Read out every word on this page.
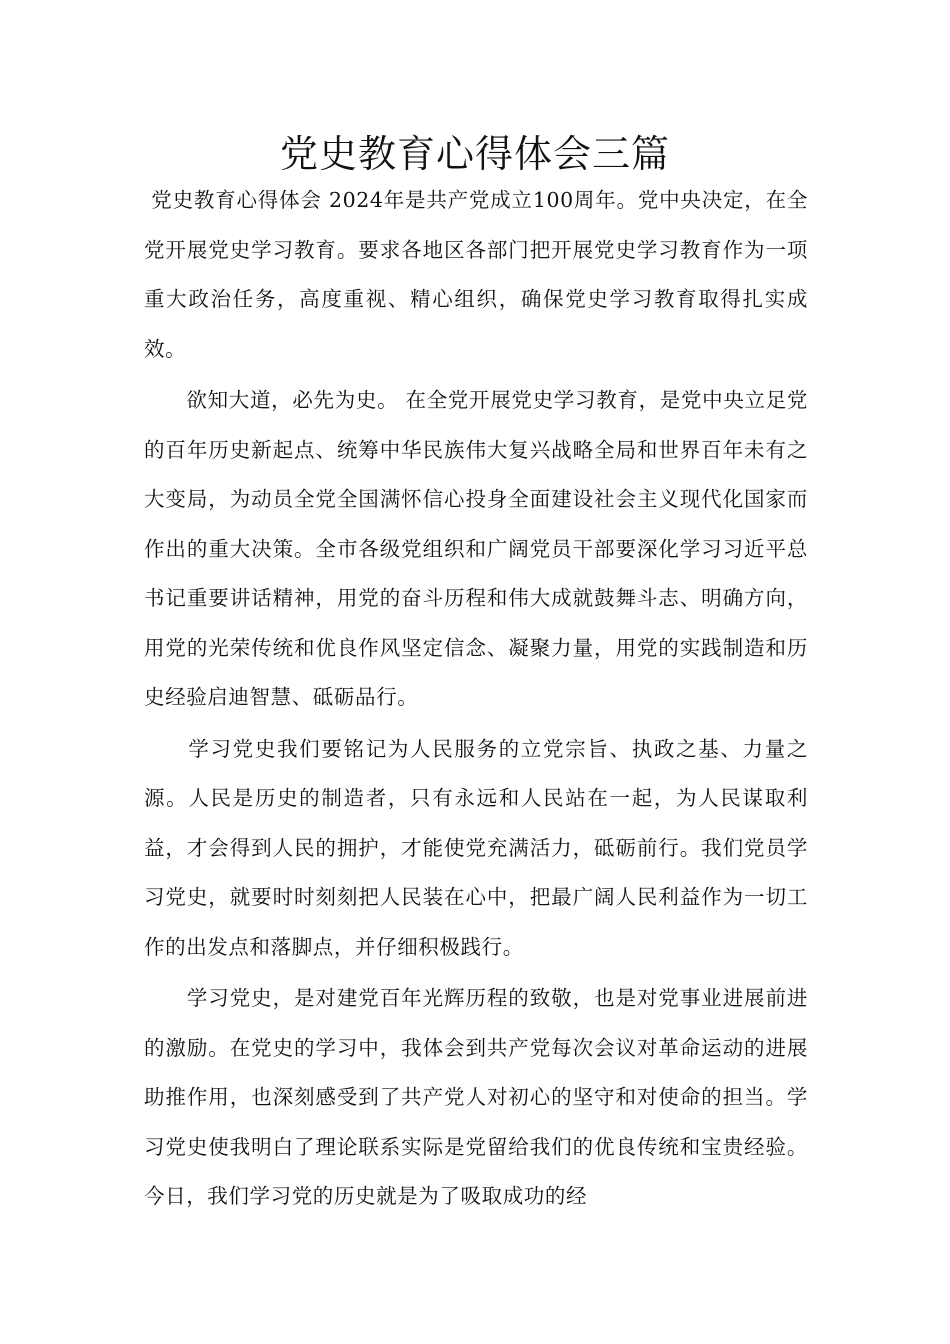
党史教育心得体会三篇

党史教育心得体会 2024年是共产党成立100周年。党中央决定，在全党开展党史学习教育。要求各地区各部门把开展党史学习教育作为一项重大政治任务，高度重视、精心组织，确保党史学习教育取得扎实成效。

　　欲知大道，必先为史。 在全党开展党史学习教育，是党中央立足党的百年历史新起点、统筹中华民族伟大复兴战略全局和世界百年未有之大变局，为动员全党全国满怀信心投身全面建设社会主义现代化国家而作出的重大决策。全市各级党组织和广阔党员干部要深化学习习近平总书记重要讲话精神，用党的奋斗历程和伟大成就鼓舞斗志、明确方向，用党的光荣传统和优良作风坚定信念、凝聚力量，用党的实践制造和历史经验启迪智慧、砥砺品行。

　　学习党史我们要铭记为人民服务的立党宗旨、执政之基、力量之源。人民是历史的制造者，只有永远和人民站在一起，为人民谋取利益，才会得到人民的拥护，才能使党充满活力，砥砺前行。我们党员学习党史，就要时时刻刻把人民装在心中，把最广阔人民利益作为一切工作的出发点和落脚点，并仔细积极践行。

　　学习党史，是对建党百年光辉历程的致敬，也是对党事业进展前进的激励。在党史的学习中，我体会到共产党每次会议对革命运动的进展助推作用，也深刻感受到了共产党人对初心的坚守和对使命的担当。学习党史使我明白了理论联系实际是党留给我们的优良传统和宝贵经验。今日，我们学习党的历史就是为了吸取成功的经
